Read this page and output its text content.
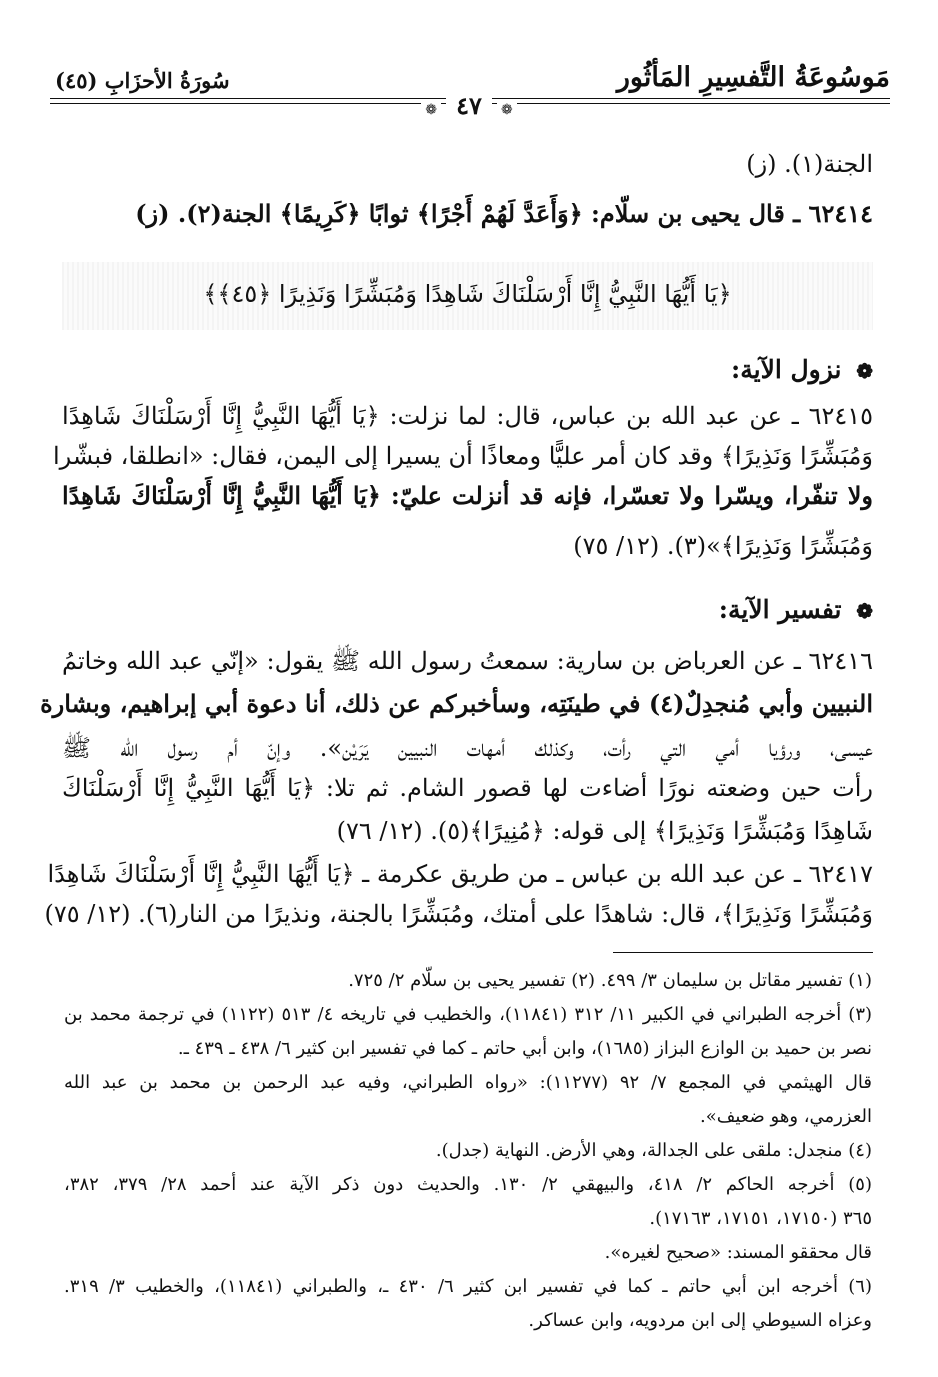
مَوسُوعَةُ التَّفسِيرِ المَأثُور
سُورَةُ الأحزَابِ (٤٥)
❁ ٤٧ ❁
الجنة(١). (ز)
٦٢٤١٤ ـ قال يحيى بن سلّام: ﴿وَأَعَدَّ لَهُمْ أَجْرًا﴾ ثوابًا ﴿كَرِيمًا﴾ الجنة(٢). (ز)
﴿يَا أَيُّهَا النَّبِيُّ إِنَّا أَرْسَلْنَاكَ شَاهِدًا وَمُبَشِّرًا وَنَذِيرًا ﴿٤٥﴾﴾
❁ نزول الآية:
٦٢٤١٥ ـ عن عبد الله بن عباس، قال: لما نزلت: ﴿يَا أَيُّهَا النَّبِيُّ إِنَّا أَرْسَلْنَاكَ شَاهِدًا
وَمُبَشِّرًا وَنَذِيرًا﴾ وقد كان أمر عليًّا ومعاذًا أن يسيرا إلى اليمن، فقال: «انطلقا، فبشّرا
ولا تنفّرا، ويسّرا ولا تعسّرا، فإنه قد أنزلت عليّ: ﴿يَا أَيُّهَا النَّبِيُّ إِنَّا أَرْسَلْنَاكَ شَاهِدًا
وَمُبَشِّرًا وَنَذِيرًا﴾»(٣). (١٢/ ٧٥)
❁ تفسير الآية:
٦٢٤١٦ ـ عن العرباض بن سارية: سمعتُ رسول الله ﷺ يقول: «إنّي عبد الله وخاتمُ
النبيين وأبي مُنجدِلٌ(٤) في طينَتِه، وسأخبركم عن ذلك، أنا دعوة أبي إبراهيم، وبشارة
عيسى، ورؤيا أمي التي رأت، وكذلك أمهات النبيين يَرَيْن». وإنّ أم رسول الله ﷺ
رأت حين وضعته نورًا أضاءت لها قصور الشام. ثم تلا: ﴿يَا أَيُّهَا النَّبِيُّ إِنَّا أَرْسَلْنَاكَ
شَاهِدًا وَمُبَشِّرًا وَنَذِيرًا﴾ إلى قوله: ﴿مُنِيرًا﴾(٥). (١٢/ ٧٦)
٦٢٤١٧ ـ عن عبد الله بن عباس ـ من طريق عكرمة ـ ﴿يَا أَيُّهَا النَّبِيُّ إِنَّا أَرْسَلْنَاكَ شَاهِدًا
وَمُبَشِّرًا وَنَذِيرًا﴾، قال: شاهدًا على أمتك، ومُبَشِّرًا بالجنة، ونذيرًا من النار(٦). (١٢/ ٧٥)
(١) تفسير مقاتل بن سليمان ٣/ ٤٩٩. (٢) تفسير يحيى بن سلّام ٢/ ٧٢٥.
(٣) أخرجه الطبراني في الكبير ١١/ ٣١٢ (١١٨٤١)، والخطيب في تاريخه ٤/ ٥١٣ (١١٢٢) في ترجمة محمد بن
نصر بن حميد بن الوازع البزاز (١٦٨٥)، وابن أبي حاتم ـ كما في تفسير ابن كثير ٦/ ٤٣٨ ـ ٤٣٩ ـ.
قال الهيثمي في المجمع ٧/ ٩٢ (١١٢٧٧): «رواه الطبراني، وفيه عبد الرحمن بن محمد بن عبد الله
العزرمي، وهو ضعيف».
(٤) منجدل: ملقى على الجدالة، وهي الأرض. النهاية (جدل).
(٥) أخرجه الحاكم ٢/ ٤١٨، والبيهقي ٢/ ١٣٠. والحديث دون ذكر الآية عند أحمد ٢٨/ ٣٧٩، ٣٨٢،
٣٦٥ (١٧١٥٠، ١٧١٥١، ١٧١٦٣).
قال محققو المسند: «صحيح لغيره».
(٦) أخرجه ابن أبي حاتم ـ كما في تفسير ابن كثير ٦/ ٤٣٠ ـ، والطبراني (١١٨٤١)، والخطيب ٣/ ٣١٩.
وعزاه السيوطي إلى ابن مردويه، وابن عساكر.
